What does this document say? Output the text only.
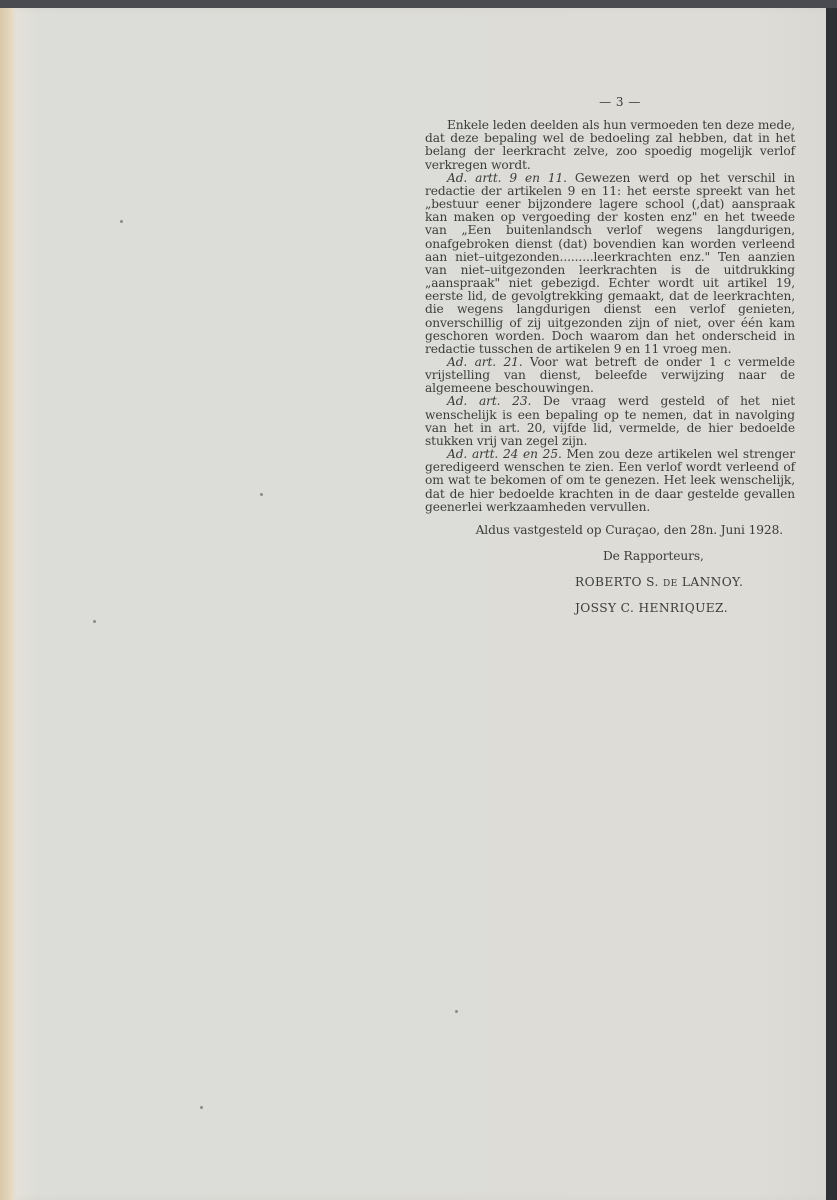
— 3 —

Enkele leden deelden als hun vermoeden ten deze mede, dat deze bepaling wel de bedoeling zal hebben, dat in het belang der leerkracht zelve, zoo spoedig mogelijk verlof verkregen wordt.

Ad. artt. 9 en 11. Gewezen werd op het verschil in redactie der artikelen 9 en 11: het eerste spreekt van het „bestuur eener bijzondere lagere school (,dat) aanspraak kan maken op vergoeding der kosten enz" en het tweede van „Een buitenlandsch verlof wegens langdurigen, onafgebroken dienst (dat) bovendien kan worden verleend aan niet–uitgezonden.........leerkrachten enz." Ten aanzien van niet–uitgezonden leerkrachten is de uitdrukking „aanspraak" niet gebezigd. Echter wordt uit artikel 19, eerste lid, de gevolgtrekking gemaakt, dat de leerkrachten, die wegens langdurigen dienst een verlof genieten, onverschillig of zij uitgezonden zijn of niet, over één kam geschoren worden. Doch waarom dan het onderscheid in redactie tusschen de artikelen 9 en 11 vroeg men.

Ad. art. 21. Voor wat betreft de onder 1 c vermelde vrijstelling van dienst, beleefde verwijzing naar de algemeene beschouwingen.

Ad. art. 23. De vraag werd gesteld of het niet wenschelijk is een bepaling op te nemen, dat in navolging van het in art. 20, vijfde lid, vermelde, de hier bedoelde stukken vrij van zegel zijn.

Ad. artt. 24 en 25. Men zou deze artikelen wel strenger geredigeerd wenschen te zien. Een verlof wordt verleend of om wat te bekomen of om te genezen. Het leek wenschelijk, dat de hier bedoelde krachten in de daar gestelde gevallen geenerlei werkzaamheden vervullen.

Aldus vastgesteld op Curaçao, den 28n. Juni 1928.

De Rapporteurs,

ROBERTO S. de LANNOY.

JOSSY C. HENRIQUEZ.
